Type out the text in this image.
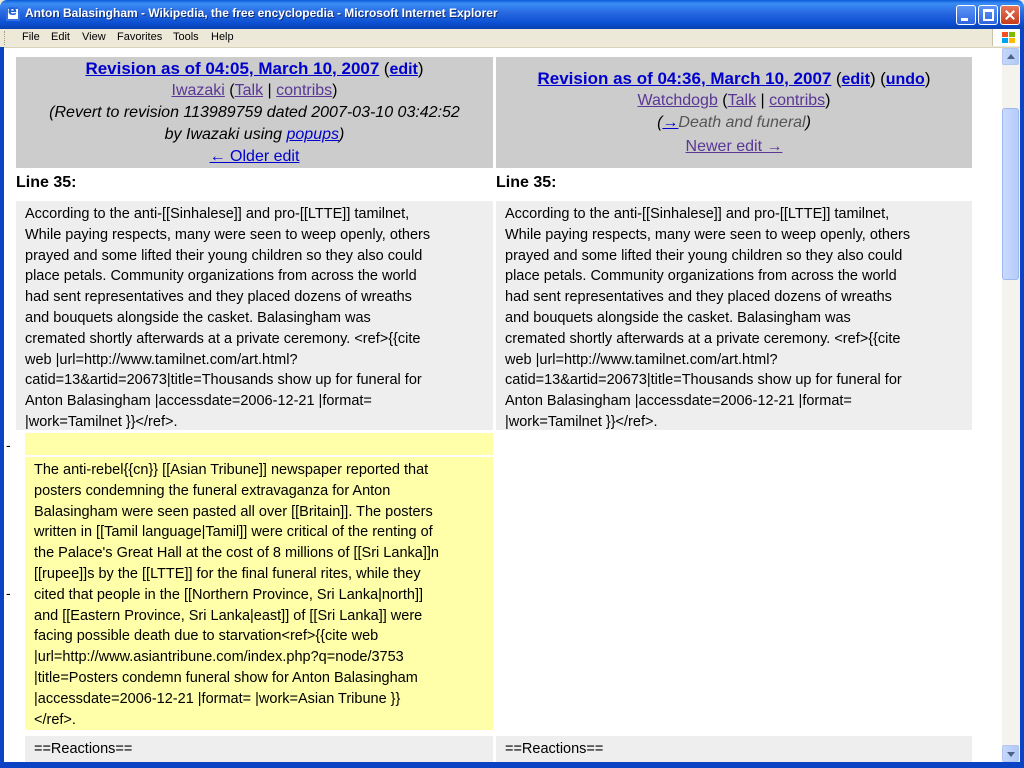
e
Anton Balasingham - Wikipedia, the free encyclopedia - Microsoft Internet Explorer
File Edit View Favorites Tools Help
Revision as of 04:05, March 10, 2007 (edit)
Iwazaki (Talk | contribs)
(Revert to revision 113989759 dated 2007-03-10 03:42:52
by Iwazaki using popups)
← Older edit
Revision as of 04:36, March 10, 2007 (edit) (undo)
Watchdogb (Talk | contribs)
(→Death and funeral)
Newer edit →
Line 35:	Line 35:
According to the anti-[[Sinhalese]] and pro-[[LTTE]] tamilnet,
While paying respects, many were seen to weep openly, others
prayed and some lifted their young children so they also could
place petals. Community organizations from across the world
had sent representatives and they placed dozens of wreaths
and bouquets alongside the casket. Balasingham was
cremated shortly afterwards at a private ceremony. <ref>{{cite
web |url=http://www.tamilnet.com/art.html?
catid=13&artid=20673|title=Thousands show up for funeral for
Anton Balasingham |accessdate=2006-12-21 |format=
|work=Tamilnet }}</ref>.
According to the anti-[[Sinhalese]] and pro-[[LTTE]] tamilnet,
While paying respects, many were seen to weep openly, others
prayed and some lifted their young children so they also could
place petals. Community organizations from across the world
had sent representatives and they placed dozens of wreaths
and bouquets alongside the casket. Balasingham was
cremated shortly afterwards at a private ceremony. <ref>{{cite
web |url=http://www.tamilnet.com/art.html?
catid=13&artid=20673|title=Thousands show up for funeral for
Anton Balasingham |accessdate=2006-12-21 |format=
|work=Tamilnet }}</ref>.
-
-
The anti-rebel{{cn}} [[Asian Tribune]] newspaper reported that
posters condemning the funeral extravaganza for Anton
Balasingham were seen pasted all over [[Britain]]. The posters
written in [[Tamil language|Tamil]] were critical of the renting of
the Palace's Great Hall at the cost of 8 millions of [[Sri Lanka]]n
[[rupee]]s by the [[LTTE]] for the final funeral rites, while they
cited that people in the [[Northern Province, Sri Lanka|north]]
and [[Eastern Province, Sri Lanka|east]] of [[Sri Lanka]] were
facing possible death due to starvation<ref>{{cite web
|url=http://www.asiantribune.com/index.php?q=node/3753
|title=Posters condemn funeral show for Anton Balasingham
|accessdate=2006-12-21 |format= |work=Asian Tribune }}
</ref>.
==Reactions==	==Reactions==
